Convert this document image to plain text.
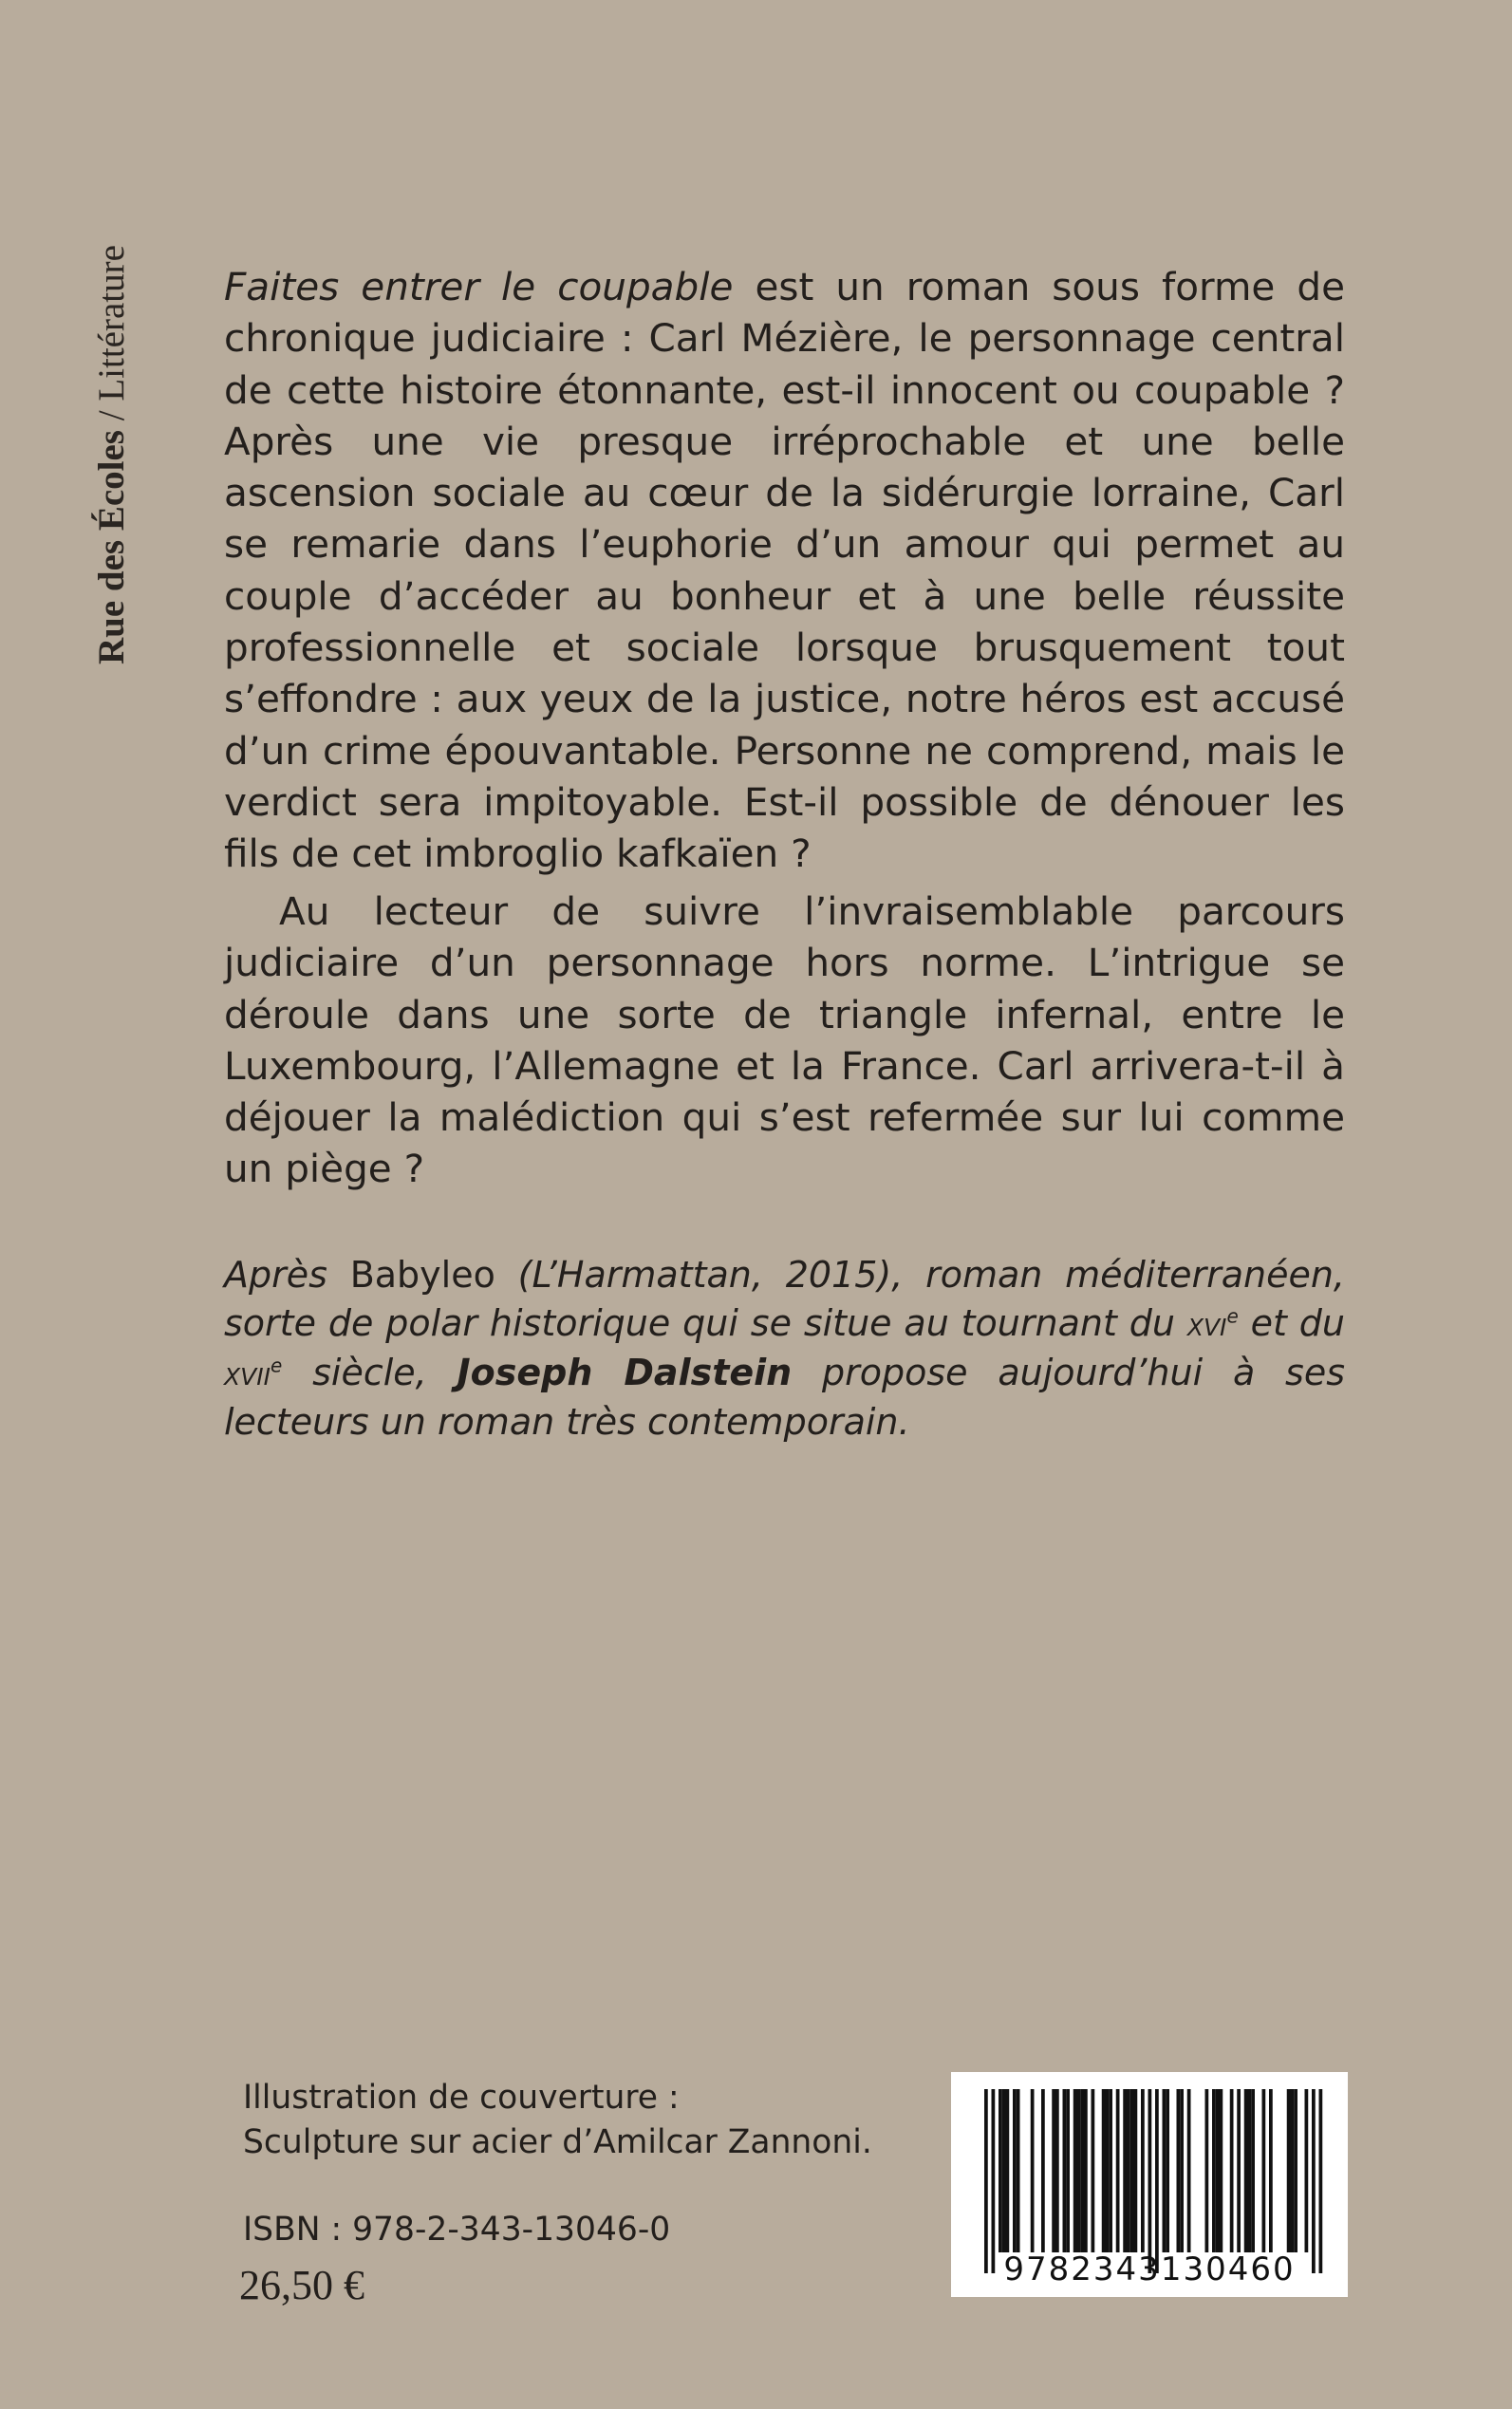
Rue des Écoles / Littérature Faites entrer le coupable est un roman sous forme de chronique judiciaire : Carl Mézière, le personnage central de cette histoire étonnante, est-il innocent ou coupable ? Après une vie presque irréprochable et une belle ascension sociale au cœur de la sidérurgie lorraine, Carl se remarie dans l’euphorie d’un amour qui permet au couple d’accéder au bonheur et à une belle réussite professionnelle et sociale lorsque brusquement tout s’effondre : aux yeux de la justice, notre héros est accusé d’un crime épouvantable. Personne ne comprend, mais le verdict sera impitoyable. Est-il possible de dénouer les fils de cet imbroglio kafkaïen ?

Au lecteur de suivre l’invraisemblable parcours judiciaire d’un personnage hors norme. L’intrigue se déroule dans une sorte de triangle infernal, entre le Luxembourg, l’Allemagne et la France. Carl arrivera-t-il à déjouer la malédiction qui s’est refermée sur lui comme un piège ?

Après Babyleo (L’Harmattan, 2015), roman méditerranéen, sorte de polar historique qui se situe au tournant du xvi$^e$ et du xvii$^e$ siècle, Joseph Dalstein propose aujourd’hui à ses lecteurs un roman très contemporain.

Illustration de couverture :
Sculpture sur acier d’Amilcar Zannoni.
ISBN : 978-2-343-13046-0
26,50 €	9782343130460
